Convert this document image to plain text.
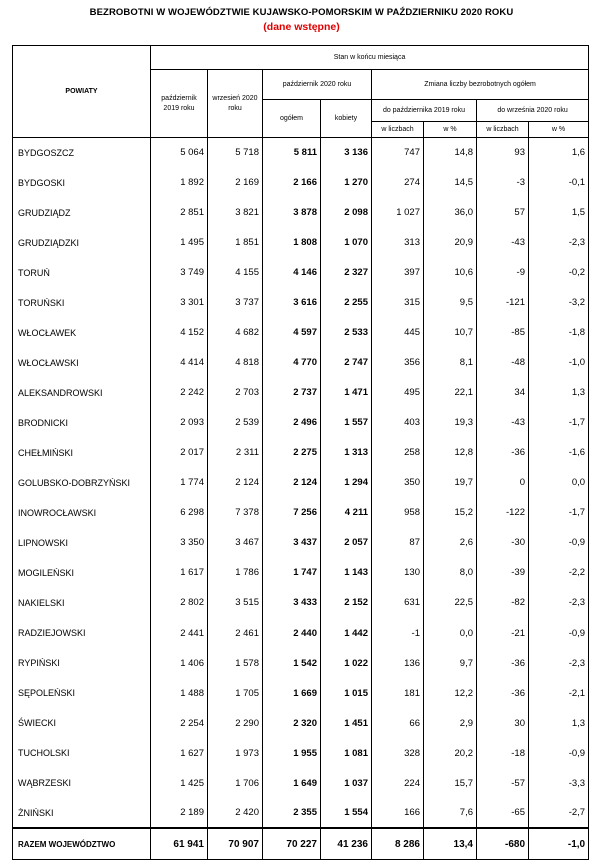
BEZROBOTNI W WOJEWÓDZTWIE KUJAWSKO-POMORSKIM W PAŹDZIERNIKU 2020 ROKU
(dane wstępne)
POWIATY	Stan w końcu miesiąca							
	październik 2019 roku	wrzesień 2020 roku	październik 2020 roku		Zmiana liczby bezrobotnych ogółem			
			ogółem	kobiety	do października 2019 roku		do września 2020 roku	
					w liczbach	w %	w liczbach	w %
BYDGOSZCZ	5 064	5 718	5 811	3 136	747	14,8	93	1,6
BYDGOSKI	1 892	2 169	2 166	1 270	274	14,5	-3	-0,1
GRUDZIĄDZ	2 851	3 821	3 878	2 098	1 027	36,0	57	1,5
GRUDZIĄDZKI	1 495	1 851	1 808	1 070	313	20,9	-43	-2,3
TORUŃ	3 749	4 155	4 146	2 327	397	10,6	-9	-0,2
TORUŃSKI	3 301	3 737	3 616	2 255	315	9,5	-121	-3,2
WŁOCŁAWEK	4 152	4 682	4 597	2 533	445	10,7	-85	-1,8
WŁOCŁAWSKI	4 414	4 818	4 770	2 747	356	8,1	-48	-1,0
ALEKSANDROWSKI	2 242	2 703	2 737	1 471	495	22,1	34	1,3
BRODNICKI	2 093	2 539	2 496	1 557	403	19,3	-43	-1,7
CHEŁMIŃSKI	2 017	2 311	2 275	1 313	258	12,8	-36	-1,6
GOLUBSKO-DOBRZYŃSKI	1 774	2 124	2 124	1 294	350	19,7	0	0,0
INOWROCŁAWSKI	6 298	7 378	7 256	4 211	958	15,2	-122	-1,7
LIPNOWSKI	3 350	3 467	3 437	2 057	87	2,6	-30	-0,9
MOGILEŃSKI	1 617	1 786	1 747	1 143	130	8,0	-39	-2,2
NAKIELSKI	2 802	3 515	3 433	2 152	631	22,5	-82	-2,3
RADZIEJOWSKI	2 441	2 461	2 440	1 442	-1	0,0	-21	-0,9
RYPIŃSKI	1 406	1 578	1 542	1 022	136	9,7	-36	-2,3
SĘPOLEŃSKI	1 488	1 705	1 669	1 015	181	12,2	-36	-2,1
ŚWIECKI	2 254	2 290	2 320	1 451	66	2,9	30	1,3
TUCHOLSKI	1 627	1 973	1 955	1 081	328	20,2	-18	-0,9
WĄBRZESKI	1 425	1 706	1 649	1 037	224	15,7	-57	-3,3
ŻNIŃSKI	2 189	2 420	2 355	1 554	166	7,6	-65	-2,7
RAZEM WOJEWÓDZTWO	61 941	70 907	70 227	41 236	8 286	13,4	-680	-1,0
